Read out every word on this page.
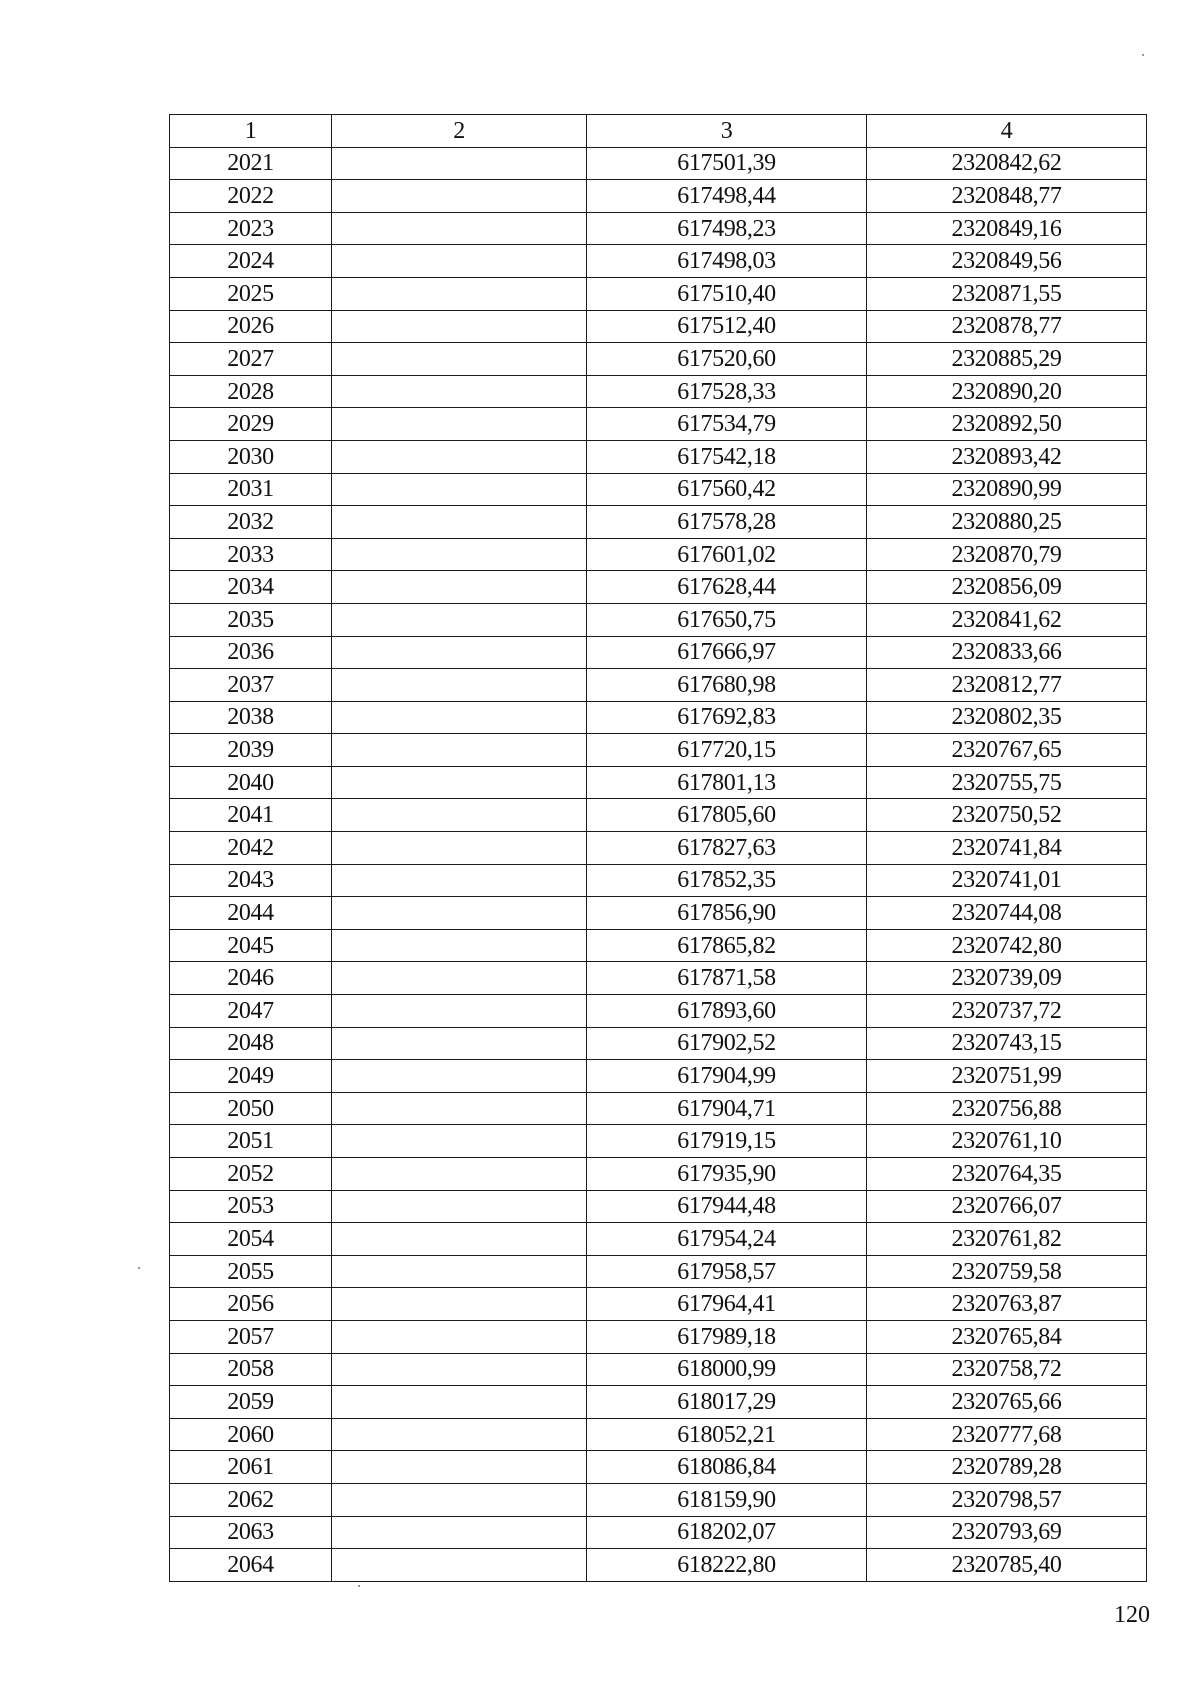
1	2	3	4
2021		617501,39	2320842,62
2022		617498,44	2320848,77
2023		617498,23	2320849,16
2024		617498,03	2320849,56
2025		617510,40	2320871,55
2026		617512,40	2320878,77
2027		617520,60	2320885,29
2028		617528,33	2320890,20
2029		617534,79	2320892,50
2030		617542,18	2320893,42
2031		617560,42	2320890,99
2032		617578,28	2320880,25
2033		617601,02	2320870,79
2034		617628,44	2320856,09
2035		617650,75	2320841,62
2036		617666,97	2320833,66
2037		617680,98	2320812,77
2038		617692,83	2320802,35
2039		617720,15	2320767,65
2040		617801,13	2320755,75
2041		617805,60	2320750,52
2042		617827,63	2320741,84
2043		617852,35	2320741,01
2044		617856,90	2320744,08
2045		617865,82	2320742,80
2046		617871,58	2320739,09
2047		617893,60	2320737,72
2048		617902,52	2320743,15
2049		617904,99	2320751,99
2050		617904,71	2320756,88
2051		617919,15	2320761,10
2052		617935,90	2320764,35
2053		617944,48	2320766,07
2054		617954,24	2320761,82
2055		617958,57	2320759,58
2056		617964,41	2320763,87
2057		617989,18	2320765,84
2058		618000,99	2320758,72
2059		618017,29	2320765,66
2060		618052,21	2320777,68
2061		618086,84	2320789,28
2062		618159,90	2320798,57
2063		618202,07	2320793,69
2064		618222,80	2320785,40
120
